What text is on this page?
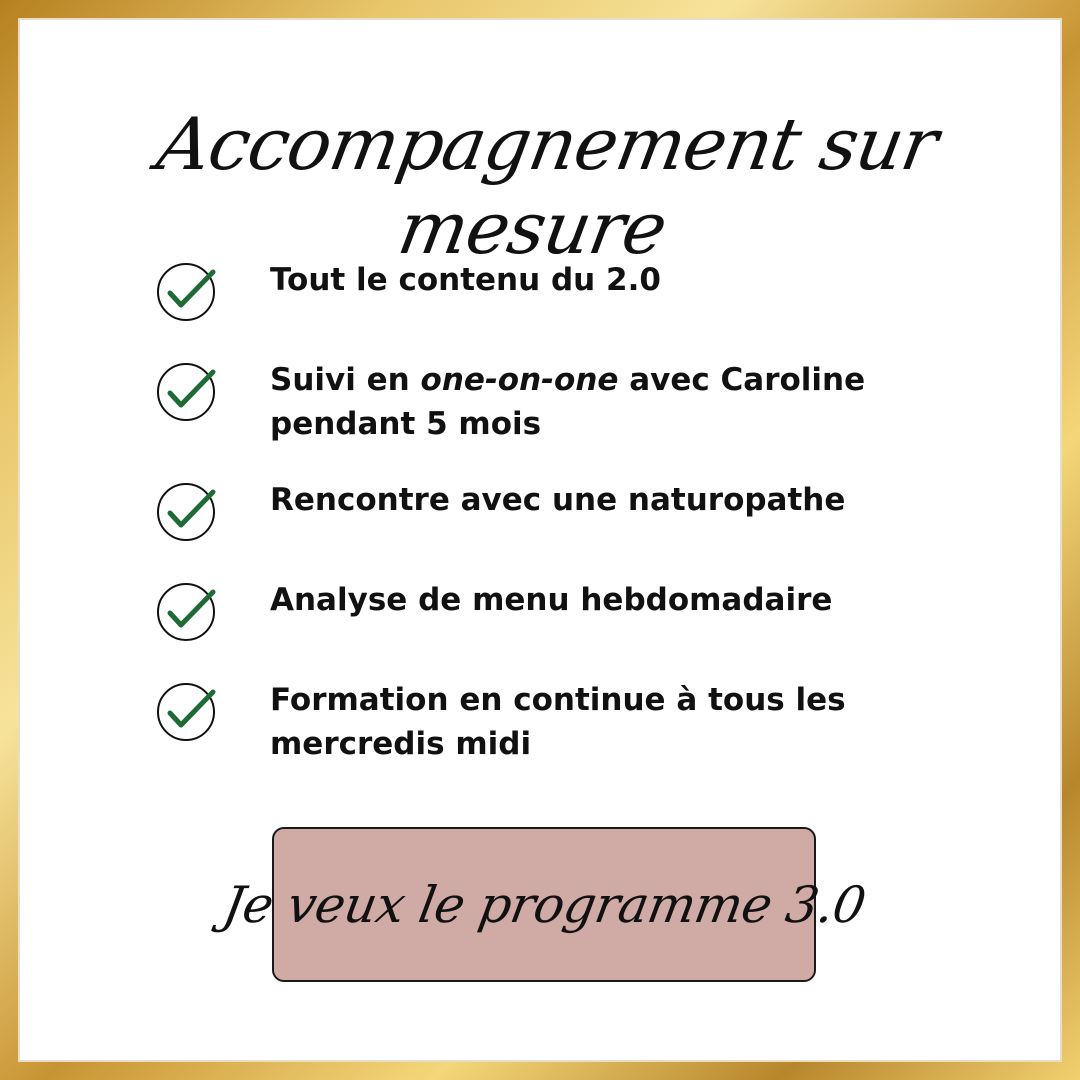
Accompagnement sur mesure
Tout le contenu du 2.0
Suivi en one-on-one avec Caroline pendant 5 mois
Rencontre avec une naturopathe
Analyse de menu hebdomadaire
Formation en continue à tous les mercredis midi
Je veux le programme 3.0
